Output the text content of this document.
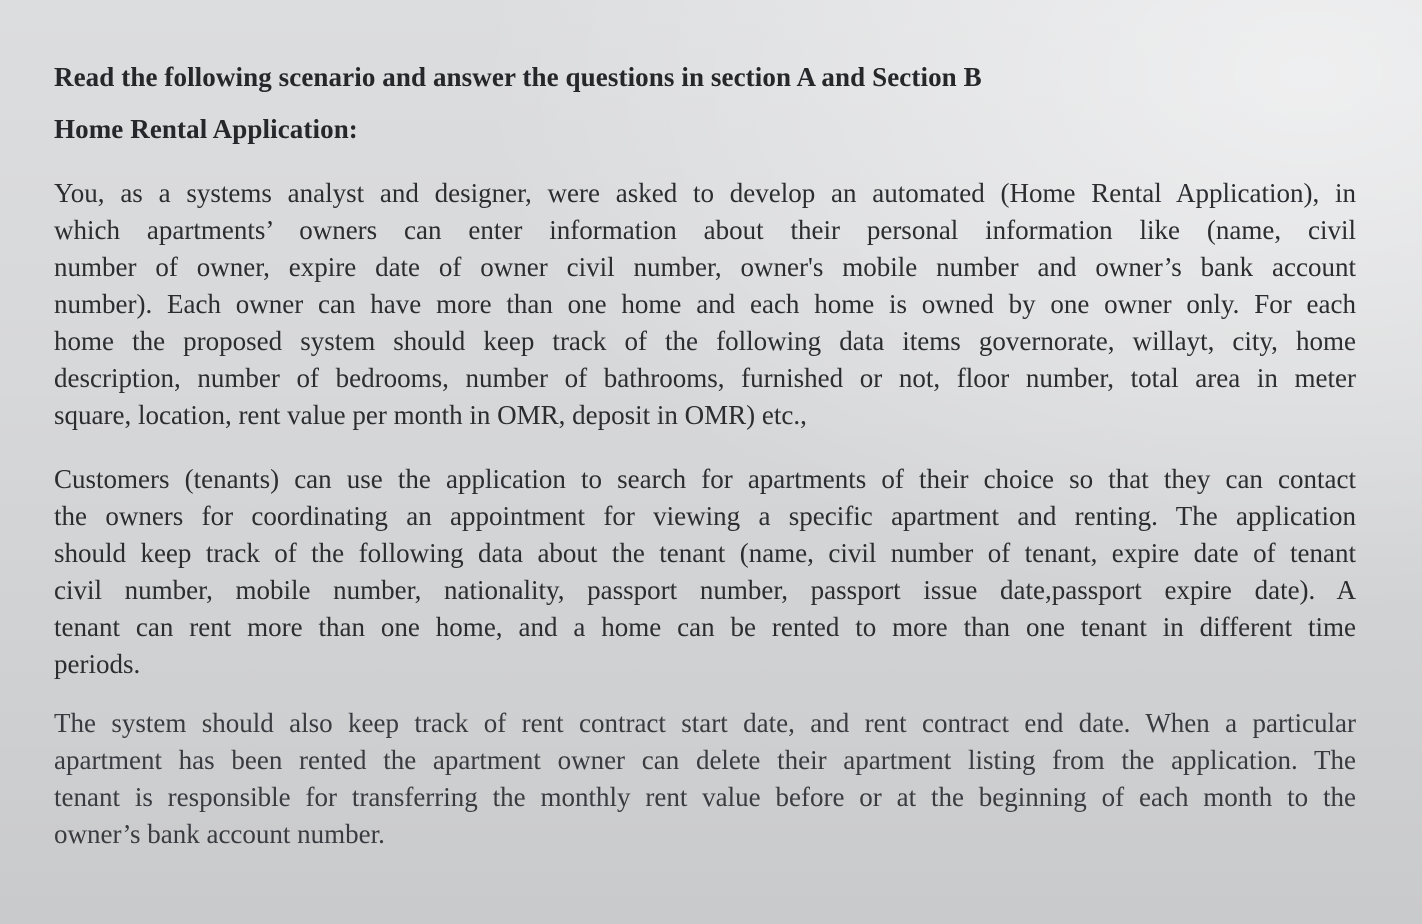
Read the following scenario and answer the questions in section A and Section B
Home Rental Application:

You, as a systems analyst and designer, were asked to develop an automated (Home Rental Application), in
which apartments’ owners can enter information about their personal information like (name, civil
number of owner, expire date of owner civil number, owner's mobile number and owner’s bank account
number). Each owner can have more than one home and each home is owned by one owner only. For each
home the proposed system should keep track of the following data items governorate, willayt, city, home
description, number of bedrooms, number of bathrooms, furnished or not, floor number, total area in meter
square, location, rent value per month in OMR, deposit in OMR) etc.,

Customers (tenants) can use the application to search for apartments of their choice so that they can contact
the owners for coordinating an appointment for viewing a specific apartment and renting. The application
should keep track of the following data about the tenant (name, civil number of tenant, expire date of tenant
civil number, mobile number, nationality, passport number, passport issue date,passport expire date). A
tenant can rent more than one home, and a home can be rented to more than one tenant in different time
periods.

The system should also keep track of rent contract start date, and rent contract end date. When a particular
apartment has been rented the apartment owner can delete their apartment listing from the application. The
tenant is responsible for transferring the monthly rent value before or at the beginning of each month to the
owner’s bank account number.
